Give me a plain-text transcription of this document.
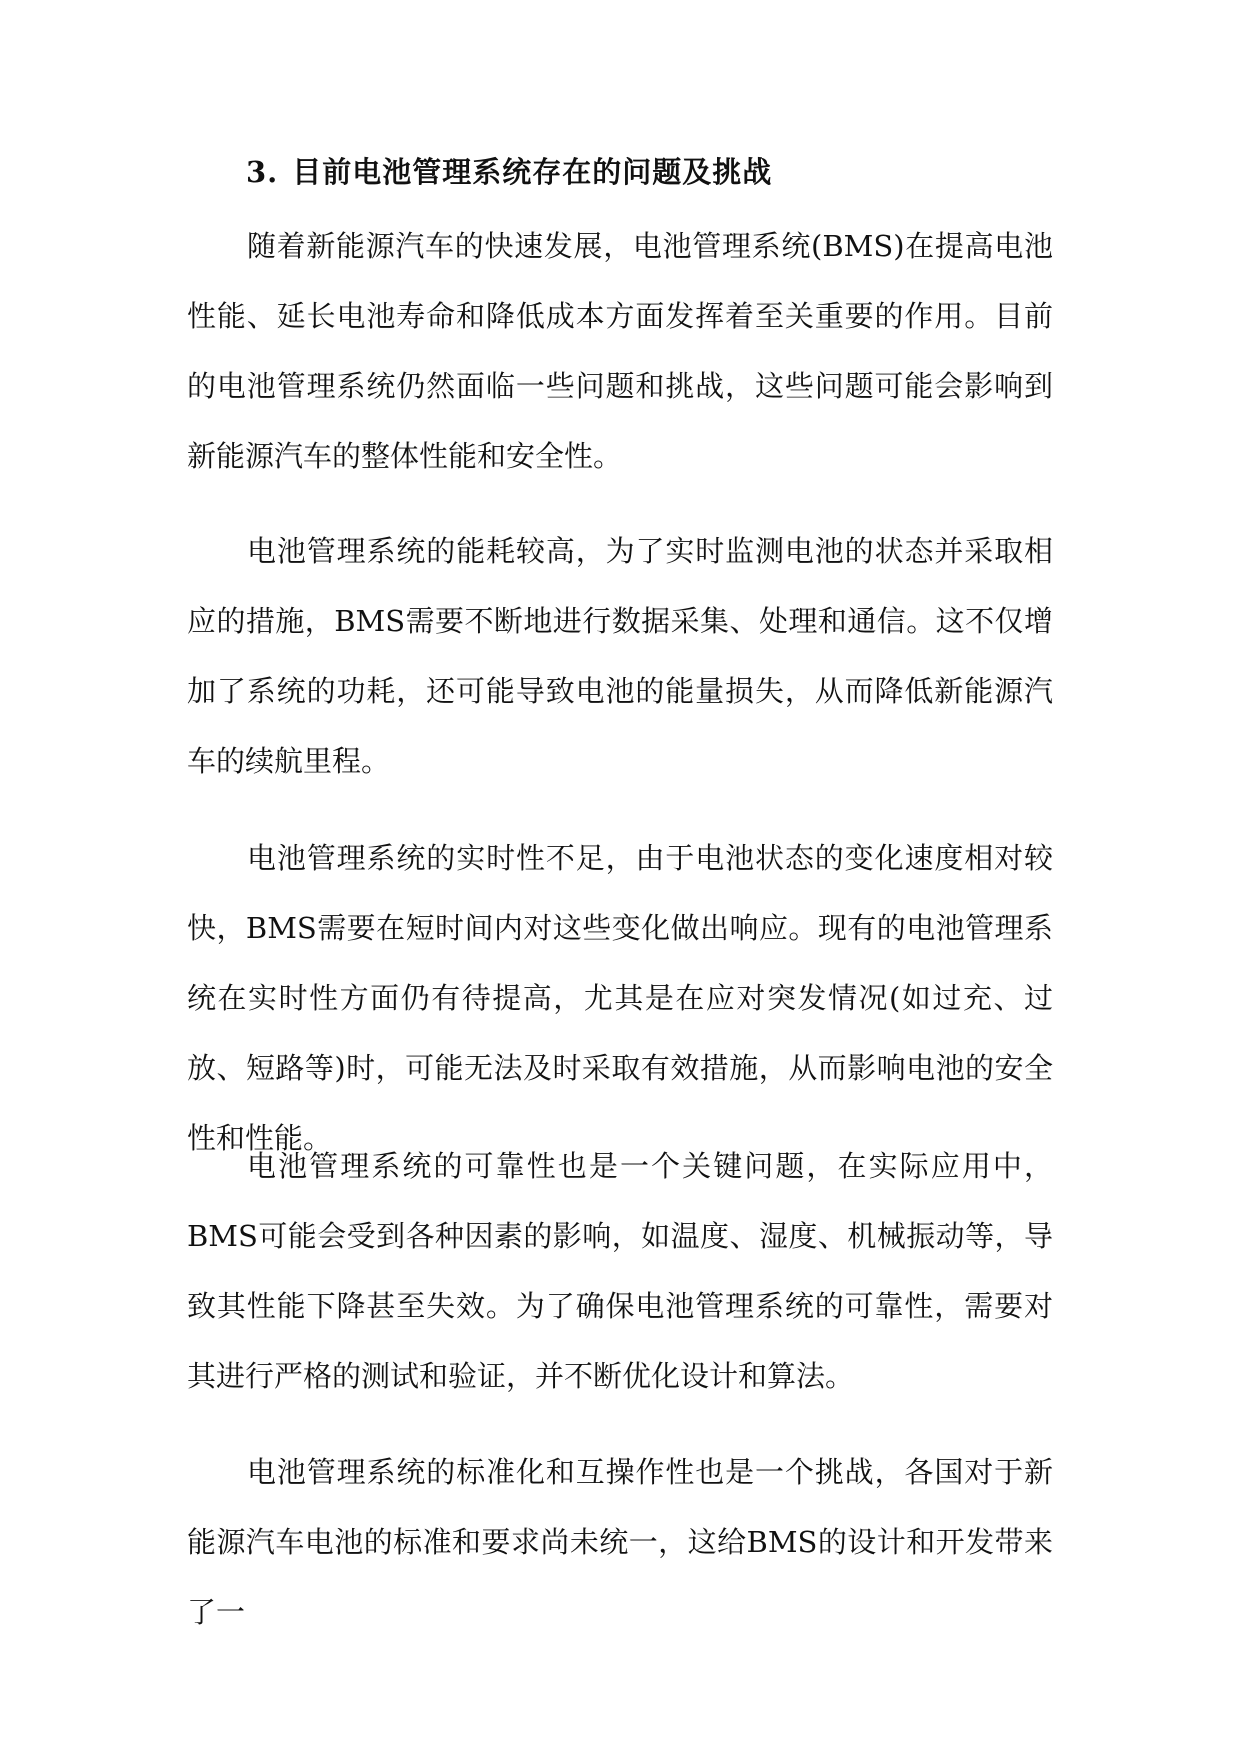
3. 目前电池管理系统存在的问题及挑战

随着新能源汽车的快速发展，电池管理系统(BMS)在提高电池性能、延长电池寿命和降低成本方面发挥着至关重要的作用。目前的电池管理系统仍然面临一些问题和挑战，这些问题可能会影响到新能源汽车的整体性能和安全性。

电池管理系统的能耗较高，为了实时监测电池的状态并采取相应的措施，BMS需要不断地进行数据采集、处理和通信。这不仅增加了系统的功耗，还可能导致电池的能量损失，从而降低新能源汽车的续航里程。

电池管理系统的实时性不足，由于电池状态的变化速度相对较快，BMS需要在短时间内对这些变化做出响应。现有的电池管理系统在实时性方面仍有待提高，尤其是在应对突发情况(如过充、过放、短路等)时，可能无法及时采取有效措施，从而影响电池的安全性和性能。

电池管理系统的可靠性也是一个关键问题，在实际应用中，BMS可能会受到各种因素的影响，如温度、湿度、机械振动等，导致其性能下降甚至失效。为了确保电池管理系统的可靠性，需要对其进行严格的测试和验证，并不断优化设计和算法。

电池管理系统的标准化和互操作性也是一个挑战，各国对于新能源汽车电池的标准和要求尚未统一，这给BMS的设计和开发带来了一
